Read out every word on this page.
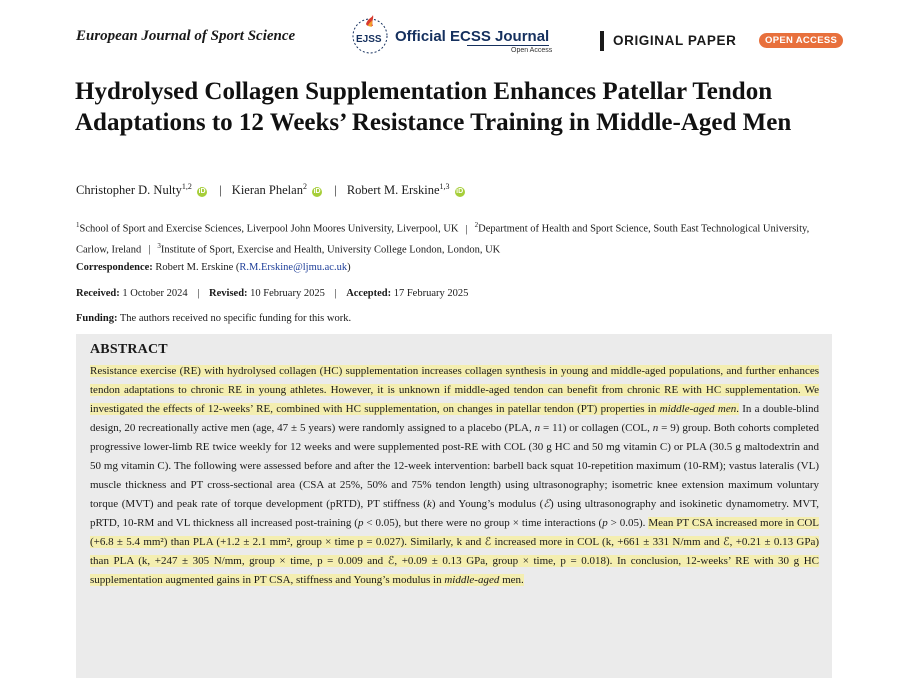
European Journal of Sport Science	EJSS Official ECSS Journal
Open Access
ORIGINAL PAPER	OPEN ACCESS
Hydrolysed Collagen Supplementation Enhances Patellar Tendon Adaptations to 12 Weeks’ Resistance Training in Middle-Aged Men
Christopher D. Nulty$^{1,2}$ iD | Kieran Phelan$^2$ iD | Robert M. Erskine$^{1,3}$ iD
$^1$School of Sport and Exercise Sciences, Liverpool John Moores University, Liverpool, UK | $^2$Department of Health and Sport Science, South East Technological University, Carlow, Ireland | $^3$Institute of Sport, Exercise and Health, University College London, London, UK
Correspondence: Robert M. Erskine (R.M.Erskine@ljmu.ac.uk)
Received: 1 October 2024 | Revised: 10 February 2025 | Accepted: 17 February 2025
Funding: The authors received no specific funding for this work.
ABSTRACT

Resistance exercise (RE) with hydrolysed collagen (HC) supplementation increases collagen synthesis in young and middle-aged populations, and further enhances tendon adaptations to chronic RE in young athletes. However, it is unknown if middle-aged tendon can benefit from chronic RE with HC supplementation. We investigated the effects of 12-weeks’ RE, combined with HC supplementation, on changes in patellar tendon (PT) properties in middle-aged men. In a double-blind design, 20 recreationally active men (age, 47 ± 5 years) were randomly assigned to a placebo (PLA, n = 11) or collagen (COL, n = 9) group. Both cohorts completed progressive lower-limb RE twice weekly for 12 weeks and were supplemented post-RE with COL (30 g HC and 50 mg vitamin C) or PLA (30.5 g maltodextrin and 50 mg vitamin C). The following were assessed before and after the 12-week intervention: barbell back squat 10-repetition maximum (10-RM); vastus lateralis (VL) muscle thickness and PT cross-sectional area (CSA at 25%, 50% and 75% tendon length) using ultrasonography; isometric knee extension maximum voluntary torque (MVT) and peak rate of torque development (pRTD), PT stiffness (k) and Young’s modulus (ℰ) using ultrasonography and isokinetic dynamometry. MVT, pRTD, 10-RM and VL thickness all increased post-training (p < 0.05), but there were no group × time interactions (p > 0.05). Mean PT CSA increased more in COL (+6.8 ± 5.4 mm²) than PLA (+1.2 ± 2.1 mm², group × time p = 0.027). Similarly, k and ℰ increased more in COL (k, +661 ± 331 N/mm and ℰ, +0.21 ± 0.13 GPa) than PLA (k, +247 ± 305 N/mm, group × time, p = 0.009 and ℰ, +0.09 ± 0.13 GPa, group × time, p = 0.018). In conclusion, 12-weeks’ RE with 30 g HC supplementation augmented gains in PT CSA, stiffness and Young’s modulus in middle-aged men.
